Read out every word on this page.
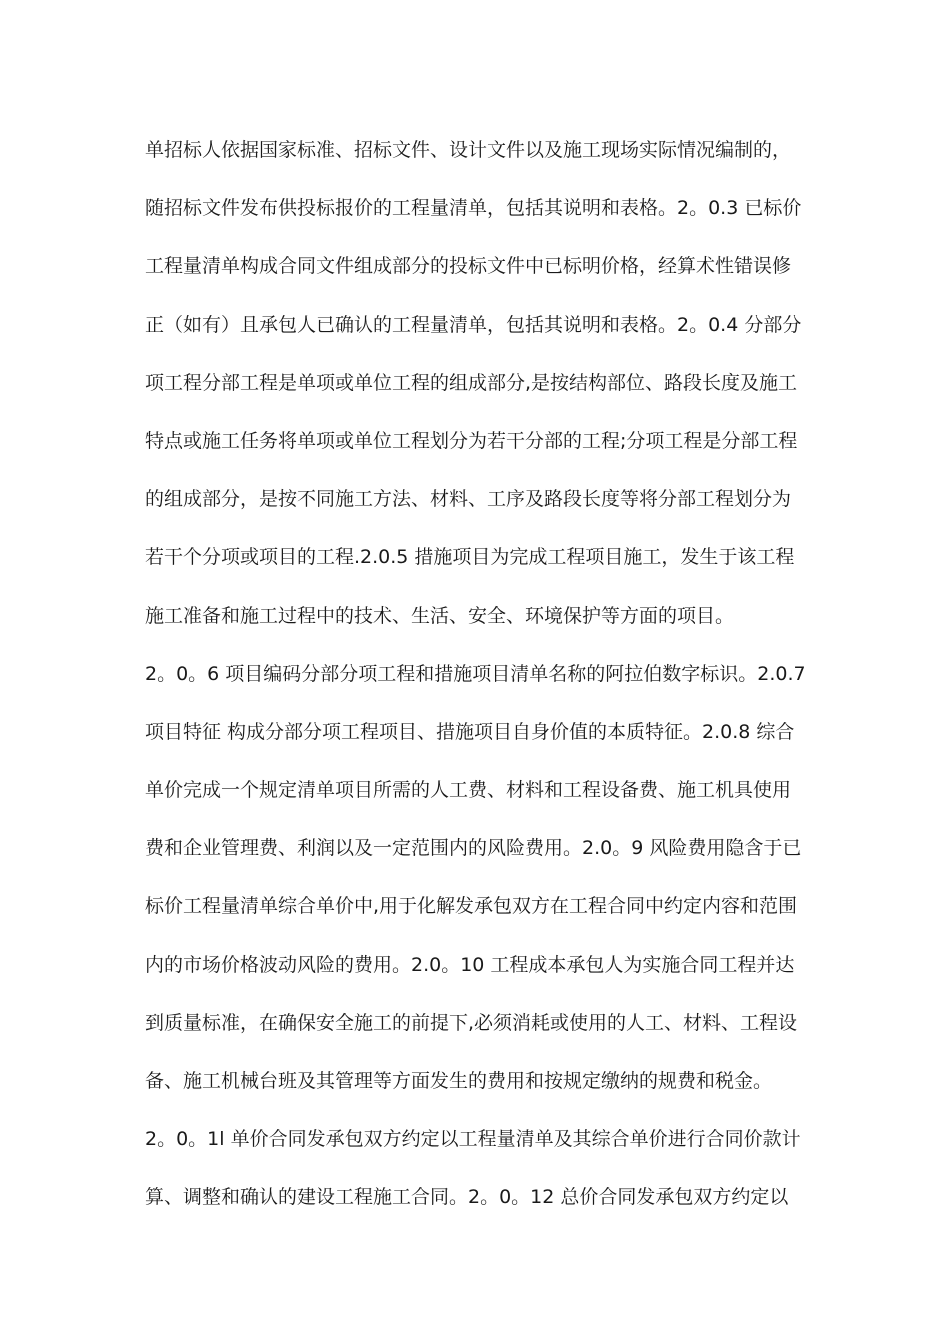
单招标人依据国家标准、招标文件、设计文件以及施工现场实际情况编制的，
随招标文件发布供投标报价的工程量清单，包括其说明和表格。2。0.3 已标价
工程量清单构成合同文件组成部分的投标文件中已标明价格，经算术性错误修
正（如有）且承包人已确认的工程量清单，包括其说明和表格。2。0.4 分部分
项工程分部工程是单项或单位工程的组成部分,是按结构部位、路段长度及施工
特点或施工任务将单项或单位工程划分为若干分部的工程;分项工程是分部工程
的组成部分，是按不同施工方法、材料、工序及路段长度等将分部工程划分为
若干个分项或项目的工程.2.0.5 措施项目为完成工程项目施工，发生于该工程
施工准备和施工过程中的技术、生活、安全、环境保护等方面的项目。
2。0。6 项目编码分部分项工程和措施项目清单名称的阿拉伯数字标识。2.0.7
项目特征 构成分部分项工程项目、措施项目自身价值的本质特征。2.0.8 综合
单价完成一个规定清单项目所需的人工费、材料和工程设备费、施工机具使用
费和企业管理费、利润以及一定范围内的风险费用。2.0。9 风险费用隐含于已
标价工程量清单综合单价中,用于化解发承包双方在工程合同中约定内容和范围
内的市场价格波动风险的费用。2.0。10 工程成本承包人为实施合同工程并达
到质量标准，在确保安全施工的前提下,必须消耗或使用的人工、材料、工程设
备、施工机械台班及其管理等方面发生的费用和按规定缴纳的规费和税金。
2。0。1l 单价合同发承包双方约定以工程量清单及其综合单价进行合同价款计
算、调整和确认的建设工程施工合同。2。0。12 总价合同发承包双方约定以
